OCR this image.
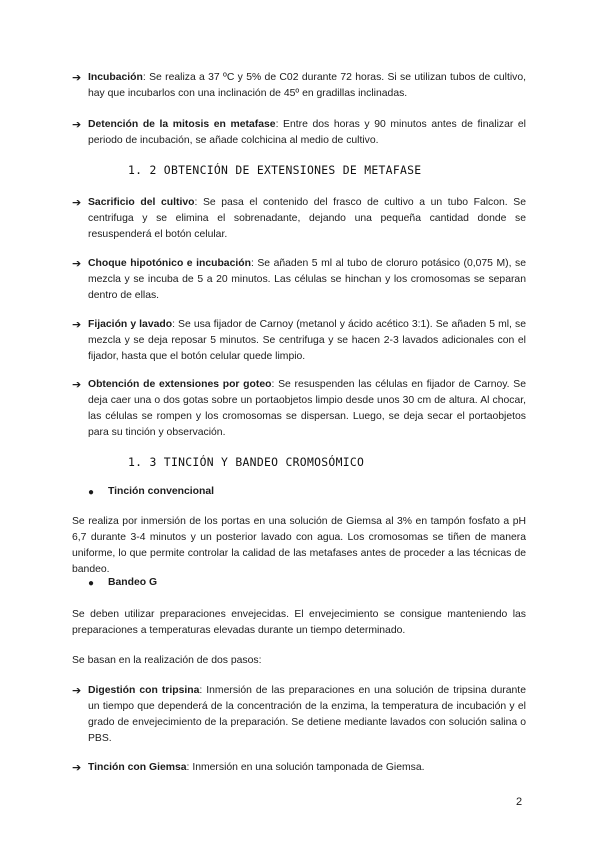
➔ Incubación: Se realiza a 37 ºC y 5% de C02 durante 72 horas. Si se utilizan tubos de cultivo, hay que incubarlos con una inclinación de 45º en gradillas inclinadas.
➔ Detención de la mitosis en metafase: Entre dos horas y 90 minutos antes de finalizar el periodo de incubación, se añade colchicina al medio de cultivo.
1. 2 OBTENCIÓN DE EXTENSIONES DE METAFASE
➔ Sacrificio del cultivo: Se pasa el contenido del frasco de cultivo a un tubo Falcon. Se centrifuga y se elimina el sobrenadante, dejando una pequeña cantidad donde se resuspenderá el botón celular.
➔ Choque hipotónico e incubación: Se añaden 5 ml al tubo de cloruro potásico (0,075 M), se mezcla y se incuba de 5 a 20 minutos. Las células se hinchan y los cromosomas se separan dentro de ellas.
➔ Fijación y lavado: Se usa fijador de Carnoy (metanol y ácido acético 3:1). Se añaden 5 ml, se mezcla y se deja reposar 5 minutos. Se centrifuga y se hacen 2-3 lavados adicionales con el fijador, hasta que el botón celular quede limpio.
➔ Obtención de extensiones por goteo: Se resuspenden las células en fijador de Carnoy. Se deja caer una o dos gotas sobre un portaobjetos limpio desde unos 30 cm de altura. Al chocar, las células se rompen y los cromosomas se dispersan. Luego, se deja secar el portaobjetos para su tinción y observación.
1. 3 TINCIÓN Y BANDEO CROMOSÓMICO
● Tinción convencional
Se realiza por inmersión de los portas en una solución de Giemsa al 3% en tampón fosfato a pH 6,7 durante 3-4 minutos y un posterior lavado con agua. Los cromosomas se tiñen de manera uniforme, lo que permite controlar la calidad de las metafases antes de proceder a las técnicas de bandeo.
● Bandeo G
Se deben utilizar preparaciones envejecidas. El envejecimiento se consigue manteniendo las preparaciones a temperaturas elevadas durante un tiempo determinado.
Se basan en la realización de dos pasos:
➔ Digestión con tripsina: Inmersión de las preparaciones en una solución de tripsina durante un tiempo que dependerá de la concentración de la enzima, la temperatura de incubación y el grado de envejecimiento de la preparación. Se detiene mediante lavados con solución salina o PBS.
➔ Tinción con Giemsa: Inmersión en una solución tamponada de Giemsa.
2
